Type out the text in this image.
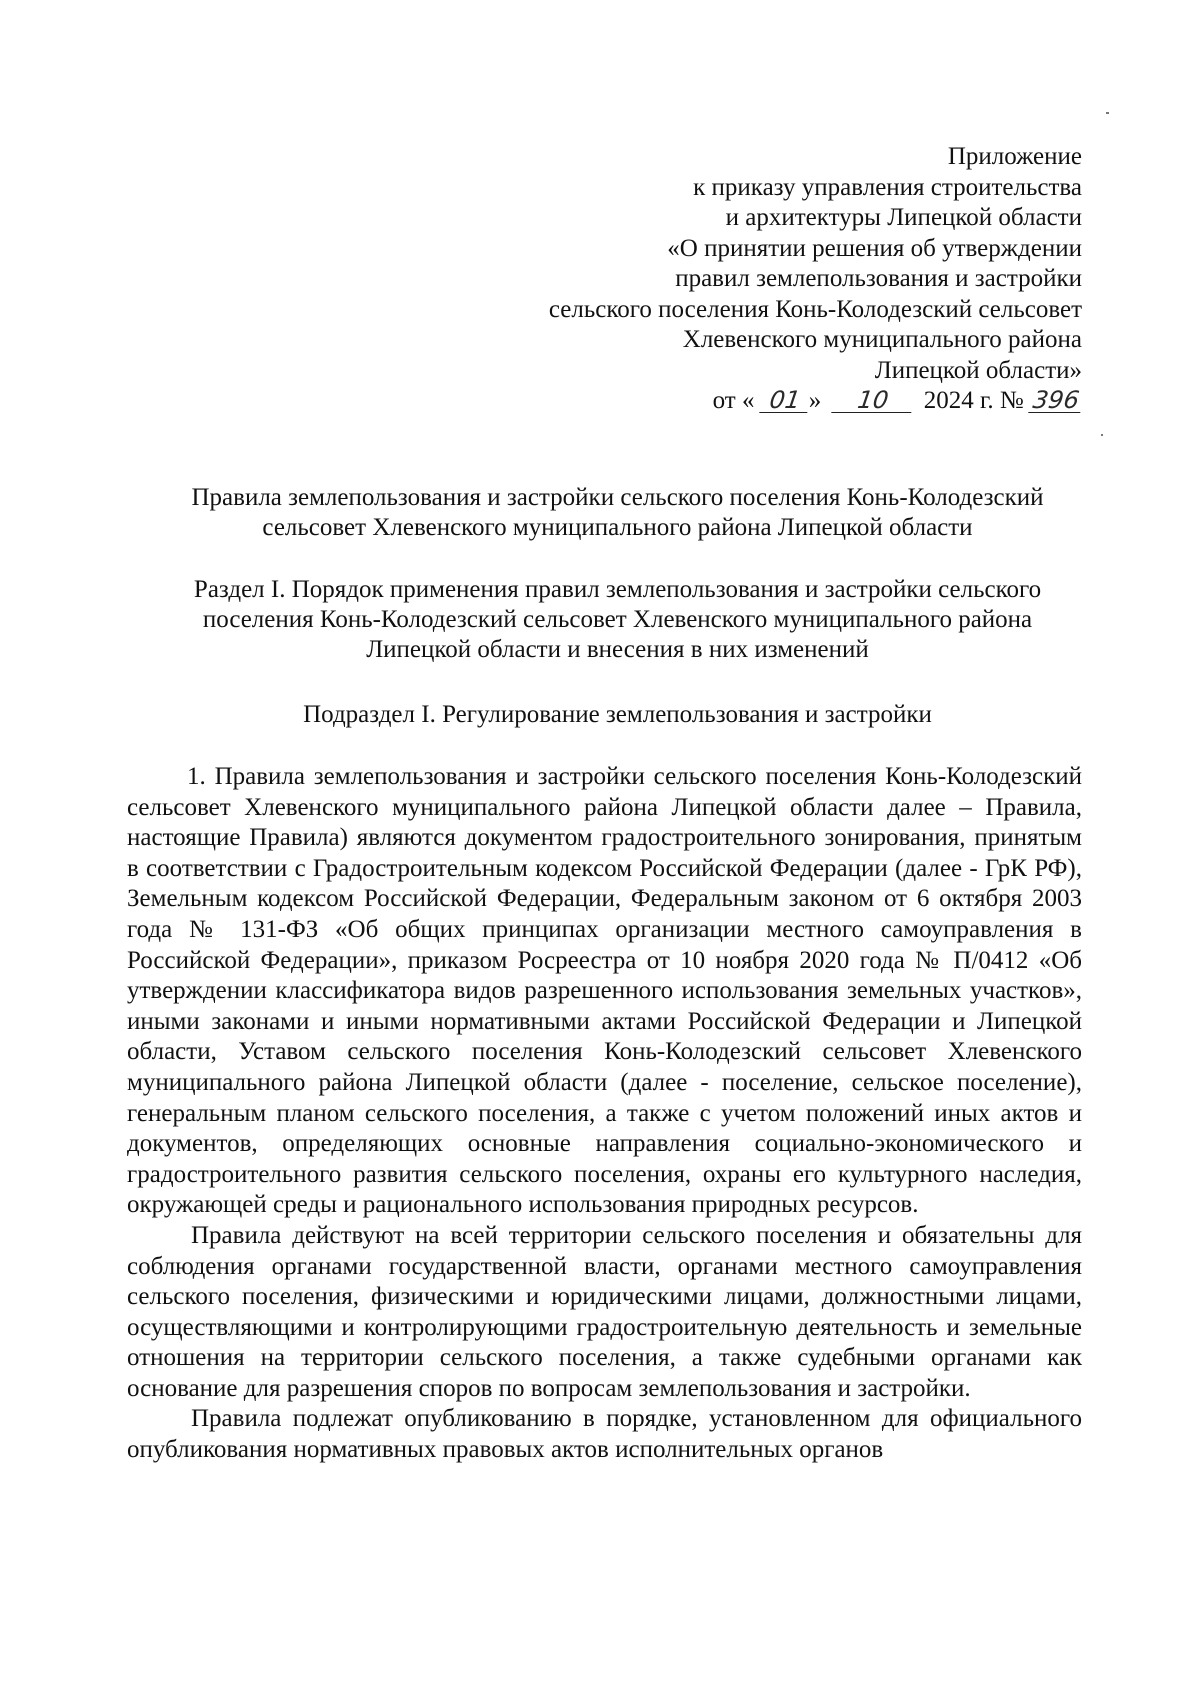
Приложение
к приказу управления строительства
и архитектуры Липецкой области
«О принятии решения об утверждении
правил землепользования и застройки
сельского поселения Конь-Колодезский сельсовет
Хлевенского муниципального района
Липецкой области»
от « 01 » 10 2024 г. № 396
Правила землепользования и застройки сельского поселения Конь-Колодезский
сельсовет Хлевенского муниципального района Липецкой области
Раздел I. Порядок применения правил землепользования и застройки сельского
поселения Конь-Колодезский сельсовет Хлевенского муниципального района
Липецкой области и внесения в них изменений
Подраздел I. Регулирование землепользования и застройки

1. Правила землепользования и застройки сельского поселения Конь-Колодезский сельсовет Хлевенского муниципального района Липецкой области далее – Правила, настоящие Правила) являются документом градостроительного зонирования, принятым в соответствии с Градостроительным кодексом Российской Федерации (далее - ГрК РФ), Земельным кодексом Российской Федерации, Федеральным законом от 6 октября 2003 года № 131-ФЗ «Об общих принципах организации местного самоуправления в Российской Федерации», приказом Росреестра от 10 ноября 2020 года № П/0412 «Об утверждении классификатора видов разрешенного использования земельных участков», иными законами и иными нормативными актами Российской Федерации и Липецкой области, Уставом сельского поселения Конь-Колодезский сельсовет Хлевенского муниципального района Липецкой области (далее - поселение, сельское поселение), генеральным планом сельского поселения, а также с учетом положений иных актов и документов, определяющих основные направления социально-экономического и градостроительного развития сельского поселения, охраны его культурного наследия, окружающей среды и рационального использования природных ресурсов.

Правила действуют на всей территории сельского поселения и обязательны для соблюдения органами государственной власти, органами местного самоуправления сельского поселения, физическими и юридическими лицами, должностными лицами, осуществляющими и контролирующими градостроительную деятельность и земельные отношения на территории сельского поселения, а также судебными органами как основание для разрешения споров по вопросам землепользования и застройки.

Правила подлежат опубликованию в порядке, установленном для официального опубликования нормативных правовых актов исполнительных органов
